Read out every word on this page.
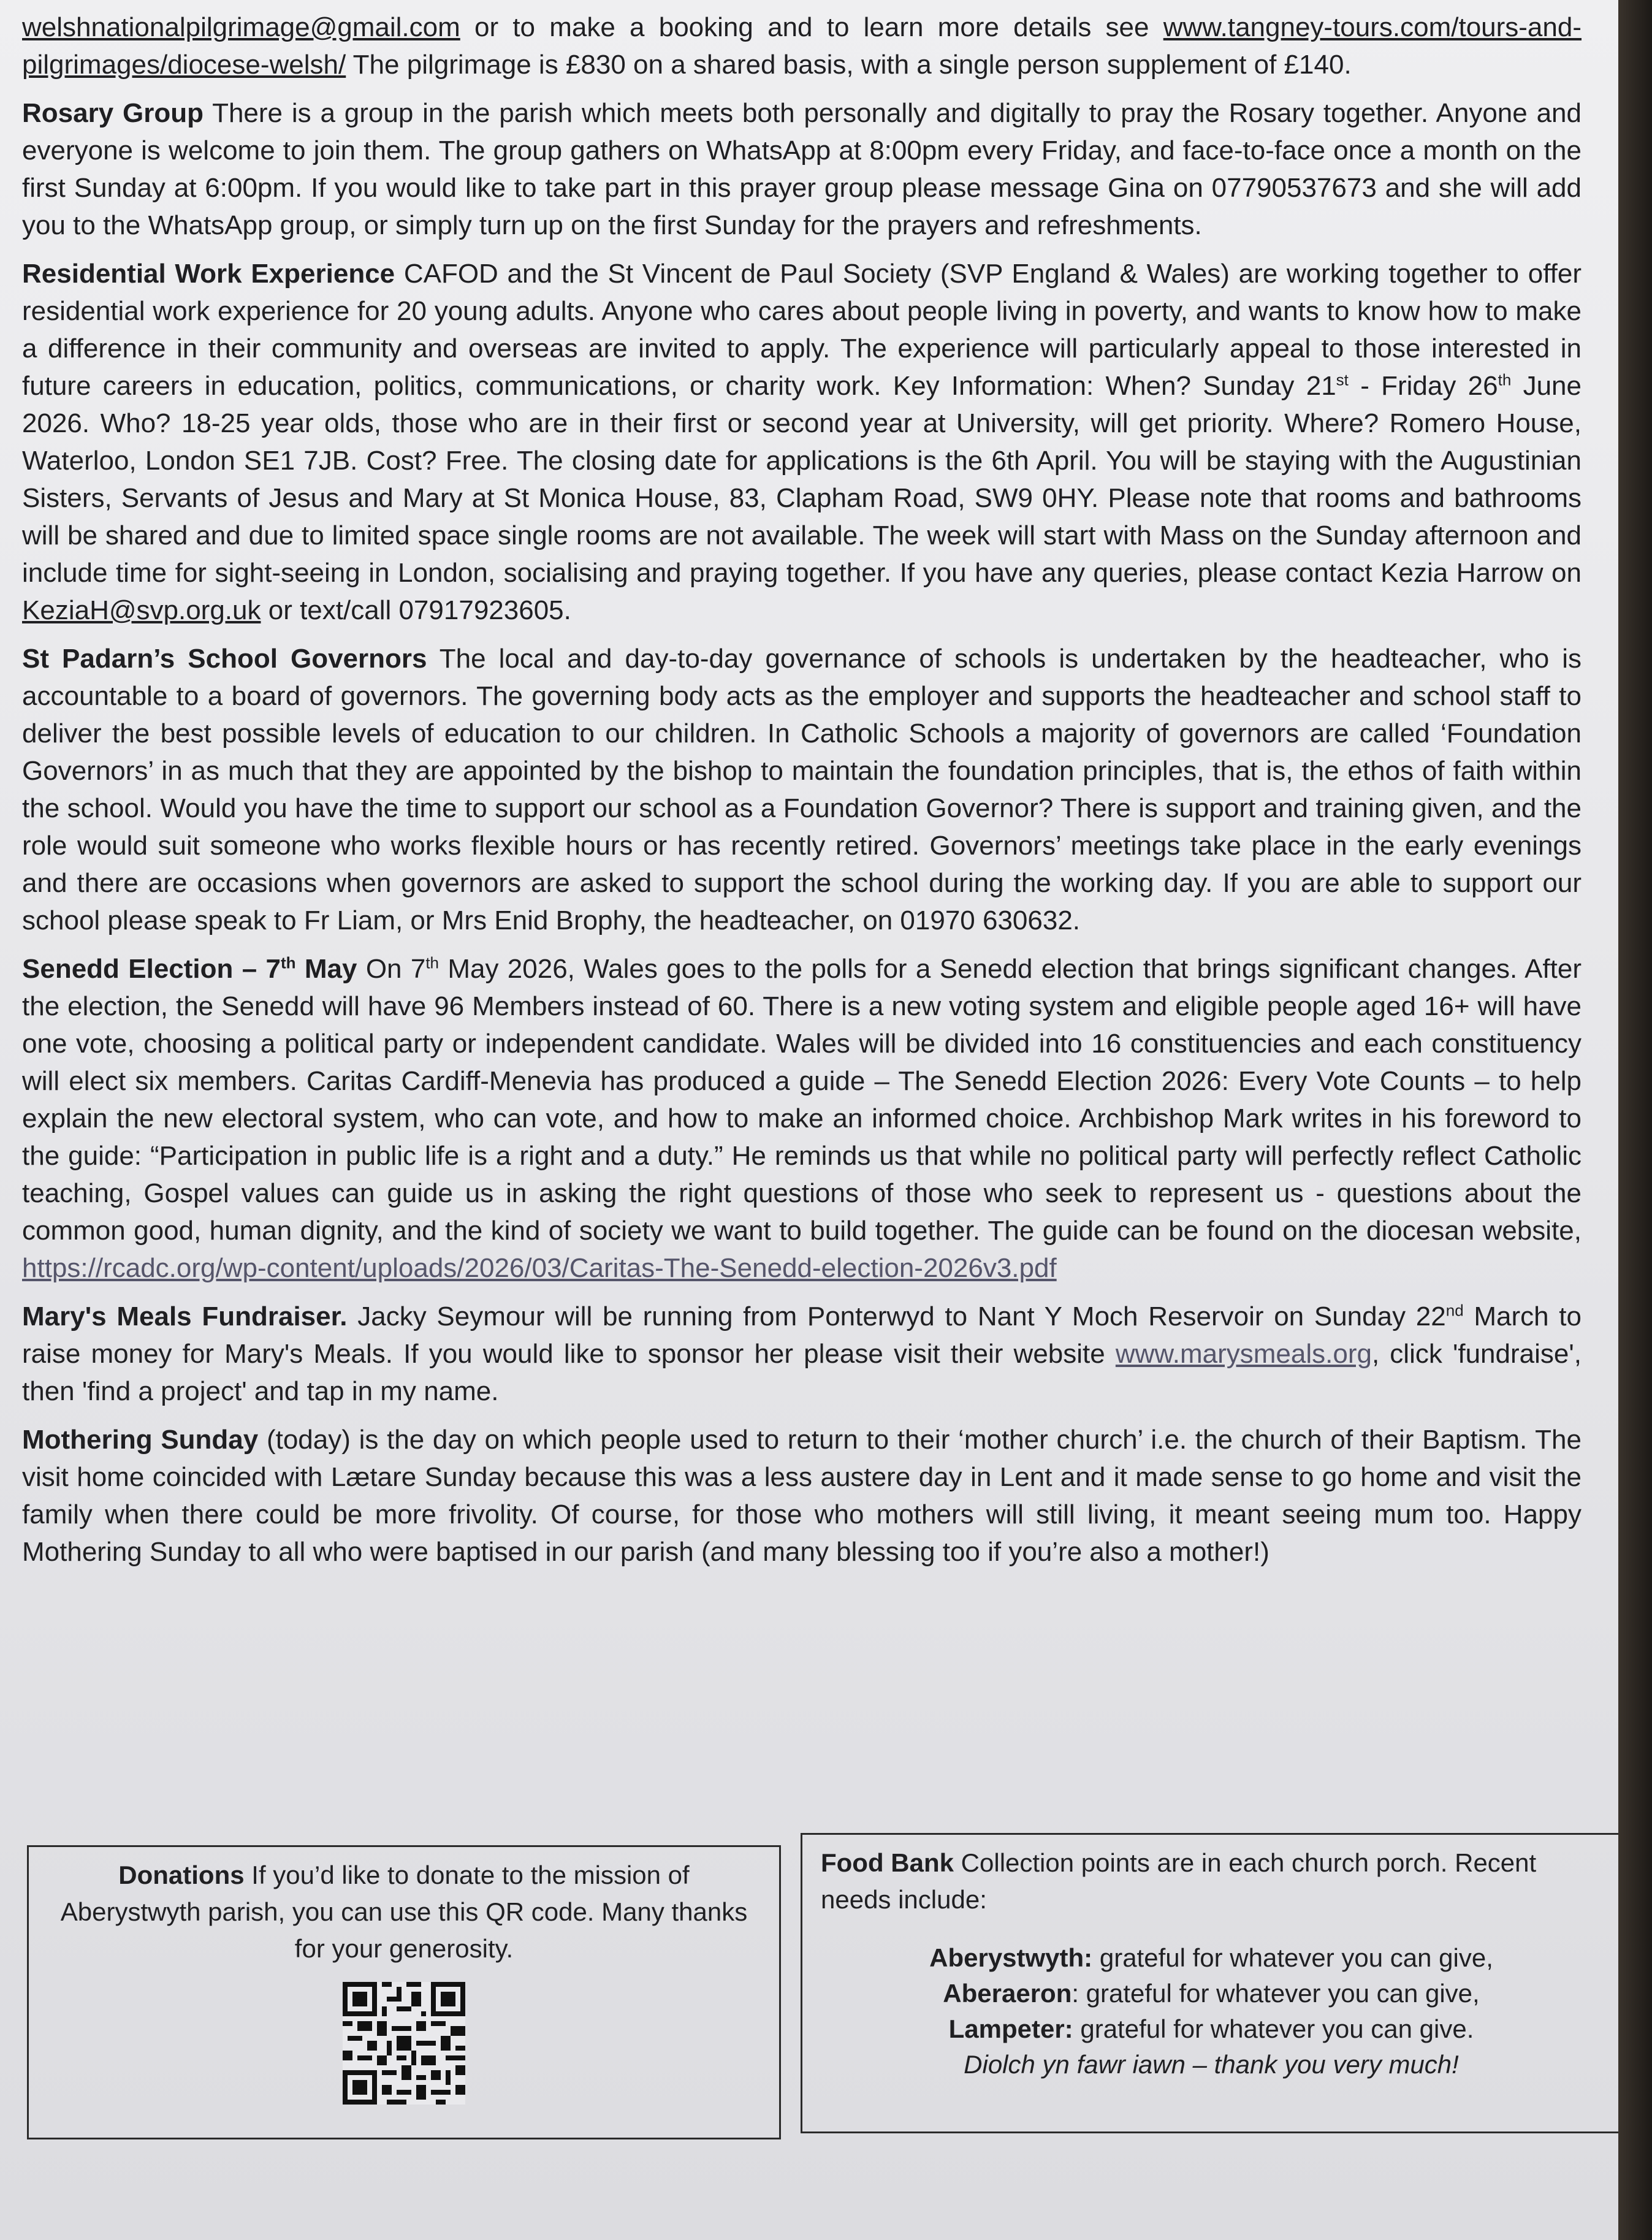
welshnationalpilgrimage@gmail.com or to make a booking and to learn more details see www.tangney-tours.com/tours-and-pilgrimages/diocese-welsh/ The pilgrimage is £830 on a shared basis, with a single person supplement of £140.

Rosary Group There is a group in the parish which meets both personally and digitally to pray the Rosary together. Anyone and everyone is welcome to join them. The group gathers on WhatsApp at 8:00pm every Friday, and face-to-face once a month on the first Sunday at 6:00pm. If you would like to take part in this prayer group please message Gina on 07790537673 and she will add you to the WhatsApp group, or simply turn up on the first Sunday for the prayers and refreshments.

Residential Work Experience CAFOD and the St Vincent de Paul Society (SVP England & Wales) are working together to offer residential work experience for 20 young adults. Anyone who cares about people living in poverty, and wants to know how to make a difference in their community and overseas are invited to apply. The experience will particularly appeal to those interested in future careers in education, politics, communications, or charity work. Key Information: When? Sunday 21st - Friday 26th June 2026. Who? 18-25 year olds, those who are in their first or second year at University, will get priority. Where? Romero House, Waterloo, London SE1 7JB. Cost? Free. The closing date for applications is the 6th April. You will be staying with the Augustinian Sisters, Servants of Jesus and Mary at St Monica House, 83, Clapham Road, SW9 0HY. Please note that rooms and bathrooms will be shared and due to limited space single rooms are not available. The week will start with Mass on the Sunday afternoon and include time for sight-seeing in London, socialising and praying together. If you have any queries, please contact Kezia Harrow on KeziaH@svp.org.uk or text/call 07917923605.

St Padarn’s School Governors The local and day-to-day governance of schools is undertaken by the headteacher, who is accountable to a board of governors. The governing body acts as the employer and supports the headteacher and school staff to deliver the best possible levels of education to our children. In Catholic Schools a majority of governors are called ‘Foundation Governors’ in as much that they are appointed by the bishop to maintain the foundation principles, that is, the ethos of faith within the school. Would you have the time to support our school as a Foundation Governor? There is support and training given, and the role would suit someone who works flexible hours or has recently retired. Governors’ meetings take place in the early evenings and there are occasions when governors are asked to support the school during the working day. If you are able to support our school please speak to Fr Liam, or Mrs Enid Brophy, the headteacher, on 01970 630632.

Senedd Election – 7th May On 7th May 2026, Wales goes to the polls for a Senedd election that brings significant changes. After the election, the Senedd will have 96 Members instead of 60. There is a new voting system and eligible people aged 16+ will have one vote, choosing a political party or independent candidate. Wales will be divided into 16 constituencies and each constituency will elect six members. Caritas Cardiff-Menevia has produced a guide – The Senedd Election 2026: Every Vote Counts – to help explain the new electoral system, who can vote, and how to make an informed choice. Archbishop Mark writes in his foreword to the guide: “Participation in public life is a right and a duty.” He reminds us that while no political party will perfectly reflect Catholic teaching, Gospel values can guide us in asking the right questions of those who seek to represent us - questions about the common good, human dignity, and the kind of society we want to build together. The guide can be found on the diocesan website, https://rcadc.org/wp-content/uploads/2026/03/Caritas-The-Senedd-election-2026v3.pdf

Mary's Meals Fundraiser. Jacky Seymour will be running from Ponterwyd to Nant Y Moch Reservoir on Sunday 22nd March to raise money for Mary's Meals. If you would like to sponsor her please visit their website www.marysmeals.org, click 'fundraise', then 'find a project' and tap in my name.

Mothering Sunday (today) is the day on which people used to return to their ‘mother church’ i.e. the church of their Baptism. The visit home coincided with Lætare Sunday because this was a less austere day in Lent and it made sense to go home and visit the family when there could be more frivolity. Of course, for those who mothers will still living, it meant seeing mum too. Happy Mothering Sunday to all who were baptised in our parish (and many blessing too if you’re also a mother!)

Donations If you’d like to donate to the mission of Aberystwyth parish, you can use this QR code. Many thanks for your generosity.
Food Bank Collection points are in each church porch. Recent needs include:
Aberystwyth: grateful for whatever you can give,
Aberaeron: grateful for whatever you can give,
Lampeter: grateful for whatever you can give.
Diolch yn fawr iawn – thank you very much!
